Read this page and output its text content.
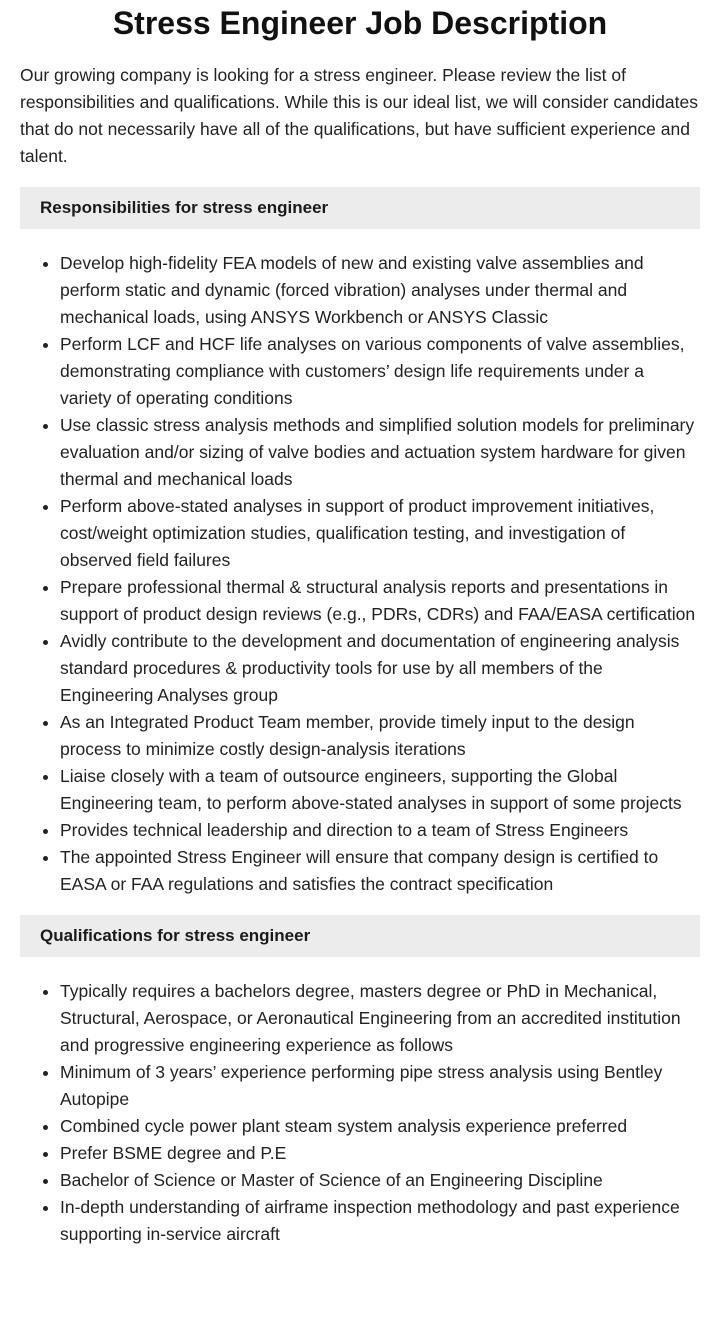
Stress Engineer Job Description

Our growing company is looking for a stress engineer. Please review the list of responsibilities and qualifications. While this is our ideal list, we will consider candidates that do not necessarily have all of the qualifications, but have sufficient experience and talent.

Responsibilities for stress engineer
• Develop high-fidelity FEA models of new and existing valve assemblies and perform static and dynamic (forced vibration) analyses under thermal and mechanical loads, using ANSYS Workbench or ANSYS Classic
• Perform LCF and HCF life analyses on various components of valve assemblies, demonstrating compliance with customers’ design life requirements under a variety of operating conditions
• Use classic stress analysis methods and simplified solution models for preliminary evaluation and/or sizing of valve bodies and actuation system hardware for given thermal and mechanical loads
• Perform above-stated analyses in support of product improvement initiatives, cost/weight optimization studies, qualification testing, and investigation of observed field failures
• Prepare professional thermal & structural analysis reports and presentations in support of product design reviews (e.g., PDRs, CDRs) and FAA/EASA certification
• Avidly contribute to the development and documentation of engineering analysis standard procedures & productivity tools for use by all members of the Engineering Analyses group
• As an Integrated Product Team member, provide timely input to the design process to minimize costly design-analysis iterations
• Liaise closely with a team of outsource engineers, supporting the Global Engineering team, to perform above-stated analyses in support of some projects
• Provides technical leadership and direction to a team of Stress Engineers
• The appointed Stress Engineer will ensure that company design is certified to EASA or FAA regulations and satisfies the contract specification
Qualifications for stress engineer
• Typically requires a bachelors degree, masters degree or PhD in Mechanical, Structural, Aerospace, or Aeronautical Engineering from an accredited institution and progressive engineering experience as follows
• Minimum of 3 years’ experience performing pipe stress analysis using Bentley Autopipe
• Combined cycle power plant steam system analysis experience preferred
• Prefer BSME degree and P.E
• Bachelor of Science or Master of Science of an Engineering Discipline
• In-depth understanding of airframe inspection methodology and past experience supporting in-service aircraft
